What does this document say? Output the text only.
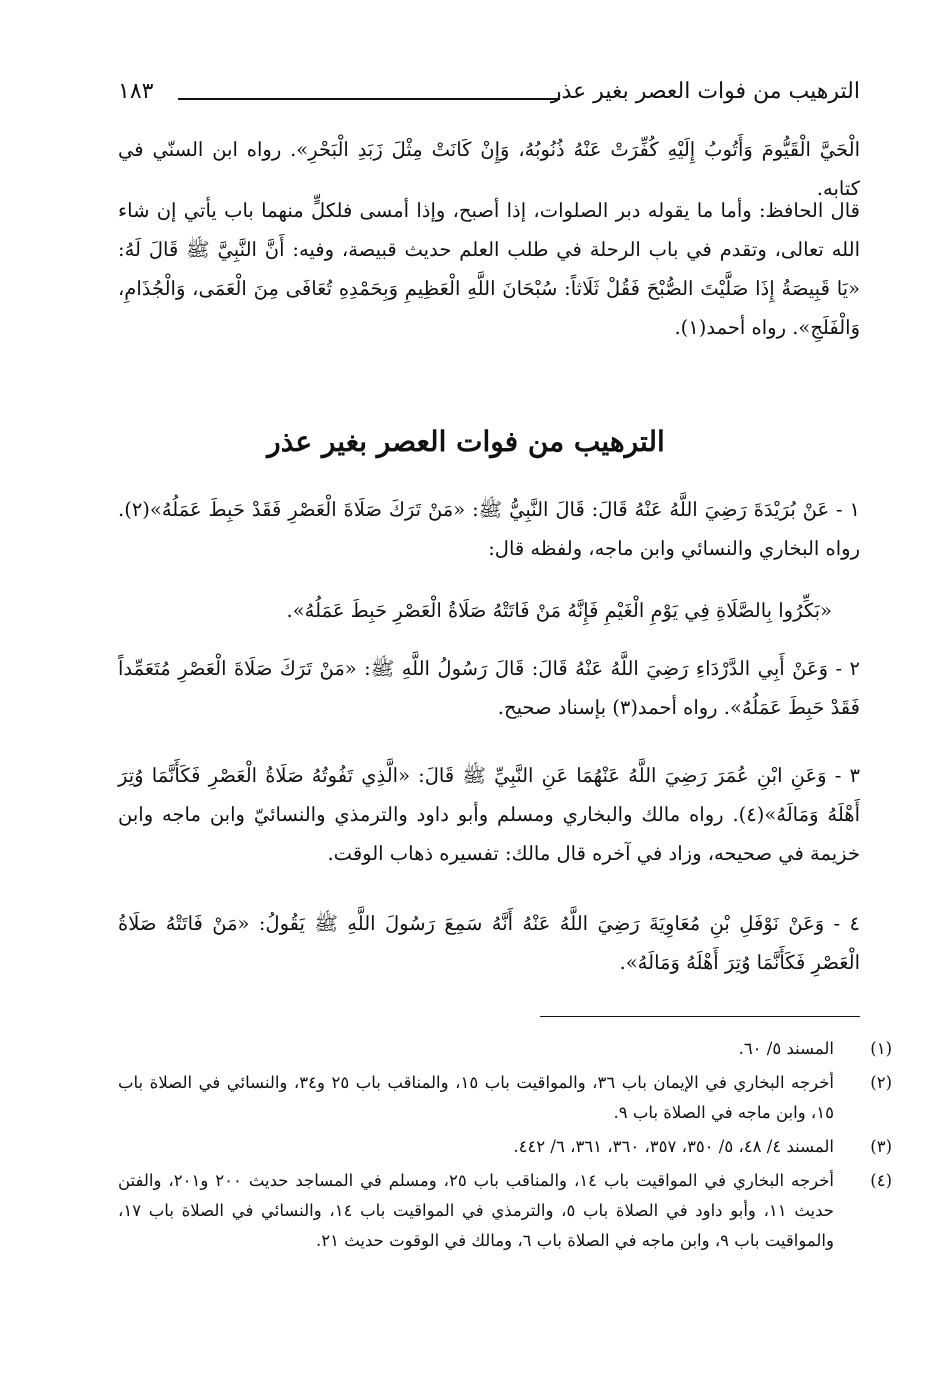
الترهيب من فوات العصر بغير عذر
١٨٣

الْحَيَّ الْقَيُّومَ وَأَتُوبُ إِلَيْهِ كُفِّرَتْ عَنْهُ ذُنُوبُهُ، وَإِنْ كَانَتْ مِثْلَ زَبَدِ الْبَحْرِ». رواه ابن السنّي في كتابه.

قال الحافظ: وأما ما يقوله دبر الصلوات، إذا أصبح، وإذا أمسى فلكلٍّ منهما باب يأتي إن شاء الله تعالى، وتقدم في باب الرحلة في طلب العلم حديث قبيصة، وفيه: أَنَّ النَّبِيَّ ﷺ قَالَ لَهُ: «يَا قَبِيصَةُ إِذَا صَلَّيْتَ الصُّبْحَ فَقُلْ ثَلَاثاً: سُبْحَانَ اللَّهِ الْعَظِيمِ وَبِحَمْدِهِ تُعَافَى مِنَ الْعَمَى، وَالْجُذَامِ، وَالْفَلَجِ». رواه أحمد(١).

الترهيب من فوات العصر بغير عذر

١ - عَنْ بُرَيْدَةَ رَضِيَ اللَّهُ عَنْهُ قَالَ: قَالَ النَّبِيُّ ﷺ: «مَنْ تَرَكَ صَلَاةَ الْعَصْرِ فَقَدْ حَبِطَ عَمَلُهُ»(٢). رواه البخاري والنسائي وابن ماجه، ولفظه قال:

«بَكِّرُوا بِالصَّلَاةِ فِي يَوْمِ الْغَيْمِ فَإِنَّهُ مَنْ فَاتَتْهُ صَلَاةُ الْعَصْرِ حَبِطَ عَمَلُهُ».

٢ - وَعَنْ أَبِي الدَّرْدَاءِ رَضِيَ اللَّهُ عَنْهُ قَالَ: قَالَ رَسُولُ اللَّهِ ﷺ: «مَنْ تَرَكَ صَلَاةَ الْعَصْرِ مُتَعَمِّداً فَقَدْ حَبِطَ عَمَلُهُ». رواه أحمد(٣) بإسناد صحيح.

٣ - وَعَنِ ابْنِ عُمَرَ رَضِيَ اللَّهُ عَنْهُمَا عَنِ النَّبِيِّ ﷺ قَالَ: «الَّذِي تَفُوتُهُ صَلَاةُ الْعَصْرِ فَكَأَنَّمَا وُتِرَ أَهْلَهُ وَمَالَهُ»(٤). رواه مالك والبخاري ومسلم وأبو داود والترمذي والنسائيّ وابن ماجه وابن خزيمة في صحيحه، وزاد في آخره قال مالك: تفسيره ذهاب الوقت.

٤ - وَعَنْ نَوْفَلِ بْنِ مُعَاوِيَةَ رَضِيَ اللَّهُ عَنْهُ أَنَّهُ سَمِعَ رَسُولَ اللَّهِ ﷺ يَقُولُ: «مَنْ فَاتَتْهُ صَلَاةُ الْعَصْرِ فَكَأَنَّمَا وُتِرَ أَهْلَهُ وَمَالَهُ».

(١)
المسند ٥/ ٦٠.
(٢)
أخرجه البخاري في الإيمان باب ٣٦، والمواقيت باب ١٥، والمناقب باب ٢٥ و٣٤، والنسائي في الصلاة باب ١٥، وابن ماجه في الصلاة باب ٩.
(٣)
المسند ٤/ ٤٨، ٥/ ٣٥٠، ٣٥٧، ٣٦٠، ٣٦١، ٦/ ٤٤٢.
(٤)
أخرجه البخاري في المواقيت باب ١٤، والمناقب باب ٢٥، ومسلم في المساجد حديث ٢٠٠ و٢٠١، والفتن حديث ١١، وأبو داود في الصلاة باب ٥، والترمذي في المواقيت باب ١٤، والنسائي في الصلاة باب ١٧، والمواقيت باب ٩، وابن ماجه في الصلاة باب ٦، ومالك في الوقوت حديث ٢١.
